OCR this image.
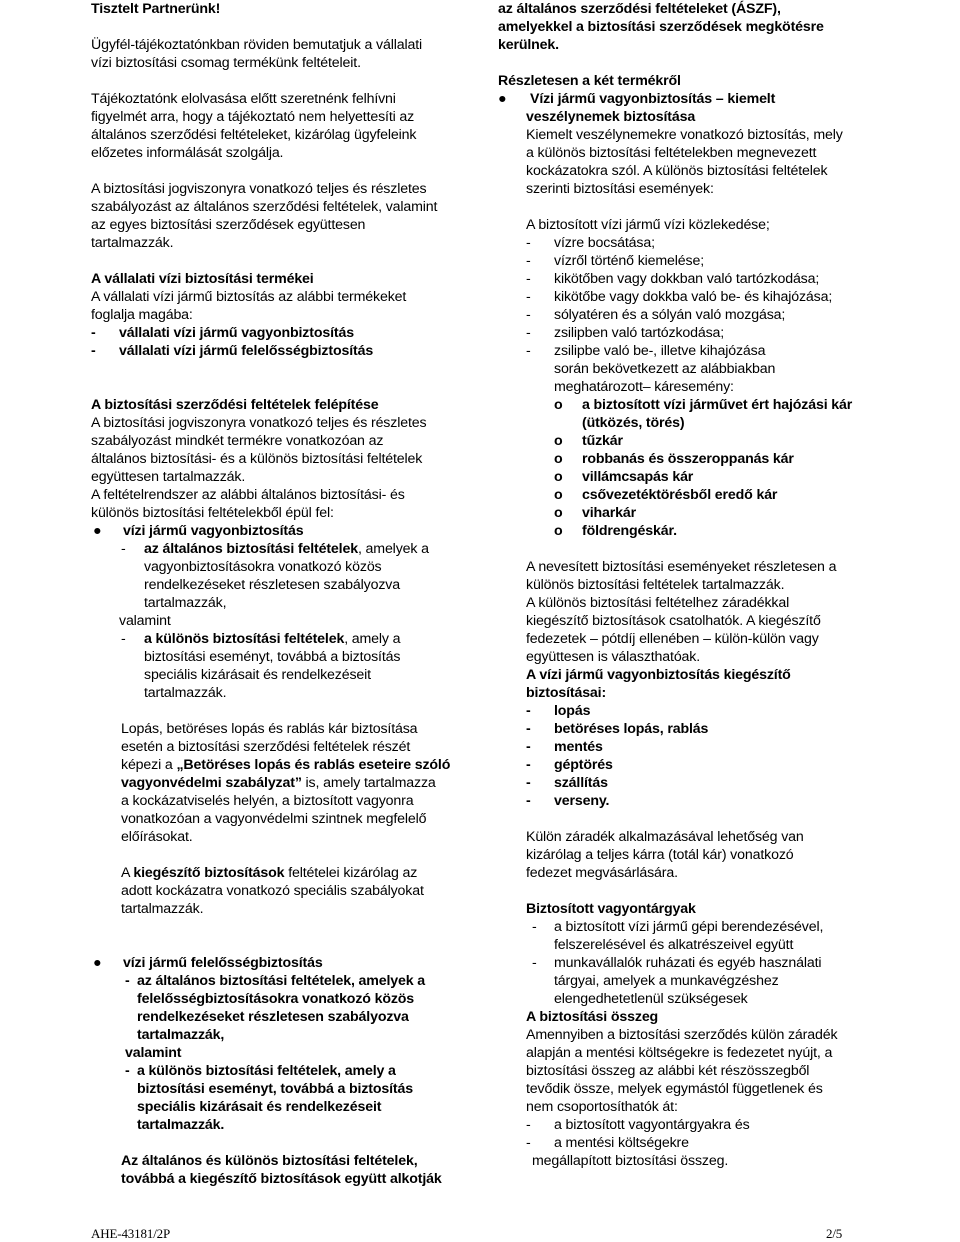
Tisztelt Partnerünk!

Ügyfél-tájékoztatónkban röviden bemutatjuk a vállalati

vízi biztosítási csomag termékünk feltételeit.

Tájékoztatónk elolvasása előtt szeretnénk felhívni

figyelmét arra, hogy a tájékoztató nem helyettesíti az

általános szerződési feltételeket, kizárólag ügyfeleink

előzetes informálását szolgálja.

A biztosítási jogviszonyra vonatkozó teljes és részletes

szabályozást az általános szerződési feltételek, valamint

az egyes biztosítási szerződések együttesen

tartalmazzák.

A vállalati vízi biztosítási termékei

A vállalati vízi jármű biztosítás az alábbi termékeket

foglalja magába:

- vállalati vízi jármű vagyonbiztosítás

- vállalati vízi jármű felelősségbiztosítás

A biztosítási szerződési feltételek felépítése

A biztosítási jogviszonyra vonatkozó teljes és részletes

szabályozást mindkét termékre vonatkozóan az

általános biztosítási- és a különös biztosítási feltételek

együttesen tartalmazzák.

A feltételrendszer az alábbi általános biztosítási- és

különös biztosítási feltételekből épül fel:

● vízi jármű vagyonbiztosítás

- az általános biztosítási feltételek, amelyek a

vagyonbiztosításokra vonatkozó közös

rendelkezéseket részletesen szabályozva

tartalmazzák,

valamint

- a különös biztosítási feltételek, amely a

biztosítási eseményt, továbbá a biztosítás

speciális kizárásait és rendelkezéseit

tartalmazzák.

Lopás, betöréses lopás és rablás kár biztosítása

esetén a biztosítási szerződési feltételek részét

képezi a „Betöréses lopás és rablás eseteire szóló

vagyonvédelmi szabályzat” is, amely tartalmazza

a kockázatviselés helyén, a biztosított vagyonra

vonatkozóan a vagyonvédelmi szintnek megfelelő

előírásokat.

A kiegészítő biztosítások feltételei kizárólag az

adott kockázatra vonatkozó speciális szabályokat

tartalmazzák.

● vízi jármű felelősségbiztosítás

- az általános biztosítási feltételek, amelyek a

felelősségbiztosításokra vonatkozó közös

rendelkezéseket részletesen szabályozva

tartalmazzák,

valamint

- a különös biztosítási feltételek, amely a

biztosítási eseményt, továbbá a biztosítás

speciális kizárásait és rendelkezéseit

tartalmazzák.

Az általános és különös biztosítási feltételek,

továbbá a kiegészítő biztosítások együtt alkotják

az általános szerződési feltételeket (ÁSZF),

amelyekkel a biztosítási szerződések megkötésre

kerülnek.

Részletesen a két termékről

● Vízi jármű vagyonbiztosítás – kiemelt

veszélynemek biztosítása

Kiemelt veszélynemekre vonatkozó biztosítás, mely

a különös biztosítási feltételekben megnevezett

kockázatokra szól. A különös biztosítási feltételek

szerinti biztosítási események:

A biztosított vízi jármű vízi közlekedése;

- vízre bocsátása;

- vízről történő kiemelése;

- kikötőben vagy dokkban való tartózkodása;

- kikötőbe vagy dokkba való be- és kihajózása;

- sólyatéren és a sólyán való mozgása;

- zsilipben való tartózkodása;

- zsilipbe való be-, illetve kihajózása

során bekövetkezett az alábbiakban

meghatározott– káresemény:

o a biztosított vízi járművet ért hajózási kár

(ütközés, törés)

o tűzkár

o robbanás és összeroppanás kár

o villámcsapás kár

o csővezetéktörésből eredő kár

o viharkár

o földrengéskár.

A nevesített biztosítási eseményeket részletesen a

különös biztosítási feltételek tartalmazzák.

A különös biztosítási feltételhez záradékkal

kiegészítő biztosítások csatolhatók. A kiegészítő

fedezetek – pótdíj ellenében – külön-külön vagy

együttesen is választhatóak.

A vízi jármű vagyonbiztosítás kiegészítő

biztosításai:

- lopás

- betöréses lopás, rablás

- mentés

- géptörés

- szállítás

- verseny.

Külön záradék alkalmazásával lehetőség van

kizárólag a teljes kárra (totál kár) vonatkozó

fedezet megvásárlására.

Biztosított vagyontárgyak

- a biztosított vízi jármű gépi berendezésével,

felszerelésével és alkatrészeivel együtt

- munkavállalók ruházati és egyéb használati

tárgyai, amelyek a munkavégzéshez

elengedhetetlenül szükségesek

A biztosítási összeg

Amennyiben a biztosítási szerződés külön záradék

alapján a mentési költségekre is fedezetet nyújt, a

biztosítási összeg az alábbi két részösszegből

tevődik össze, melyek egymástól függetlenek és

nem csoportosíthatók át:

- a biztosított vagyontárgyakra és

- a mentési költségekre

megállapított biztosítási összeg.

AHE-43181/2P	2/5
